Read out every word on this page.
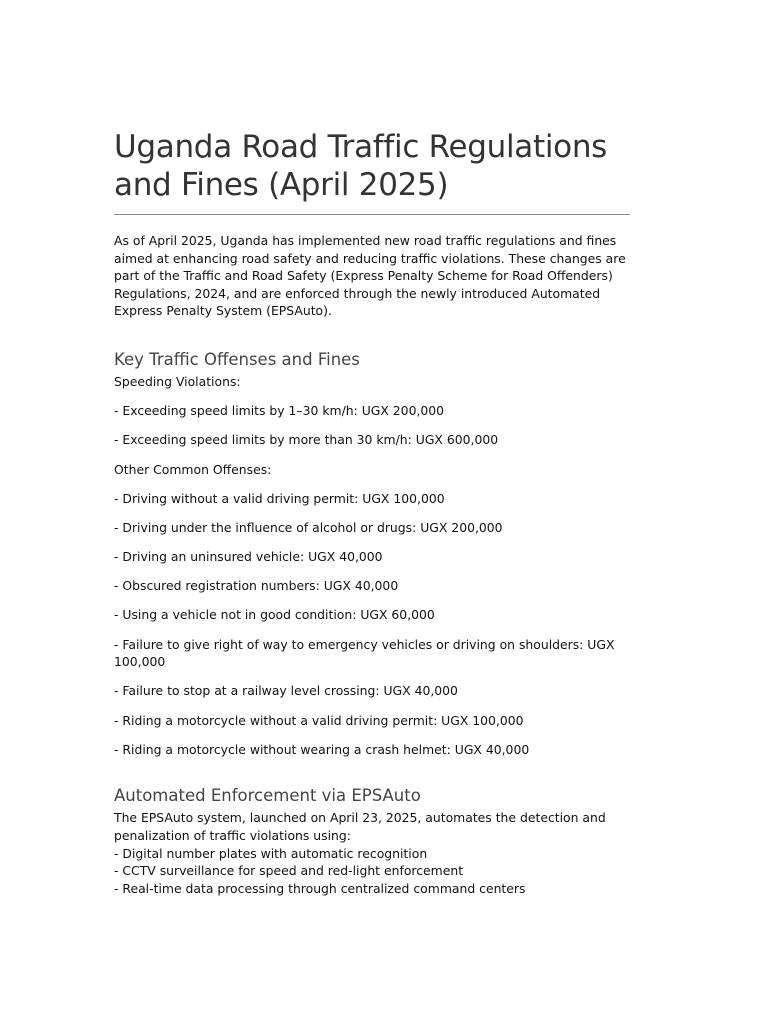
Uganda Road Traffic Regulations and Fines (April 2025)

As of April 2025, Uganda has implemented new road traffic regulations and fines aimed at enhancing road safety and reducing traffic violations. These changes are part of the Traffic and Road Safety (Express Penalty Scheme for Road Offenders) Regulations, 2024, and are enforced through the newly introduced Automated Express Penalty System (EPSAuto).

Key Traffic Offenses and Fines

Speeding Violations:

- Exceeding speed limits by 1–30 km/h: UGX 200,000

- Exceeding speed limits by more than 30 km/h: UGX 600,000

Other Common Offenses:

- Driving without a valid driving permit: UGX 100,000

- Driving under the influence of alcohol or drugs: UGX 200,000

- Driving an uninsured vehicle: UGX 40,000

- Obscured registration numbers: UGX 40,000

- Using a vehicle not in good condition: UGX 60,000

- Failure to give right of way to emergency vehicles or driving on shoulders: UGX 100,000

- Failure to stop at a railway level crossing: UGX 40,000

- Riding a motorcycle without a valid driving permit: UGX 100,000

- Riding a motorcycle without wearing a crash helmet: UGX 40,000

Automated Enforcement via EPSAuto

The EPSAuto system, launched on April 23, 2025, automates the detection and penalization of traffic violations using:

- Digital number plates with automatic recognition
- CCTV surveillance for speed and red-light enforcement
- Real-time data processing through centralized command centers
